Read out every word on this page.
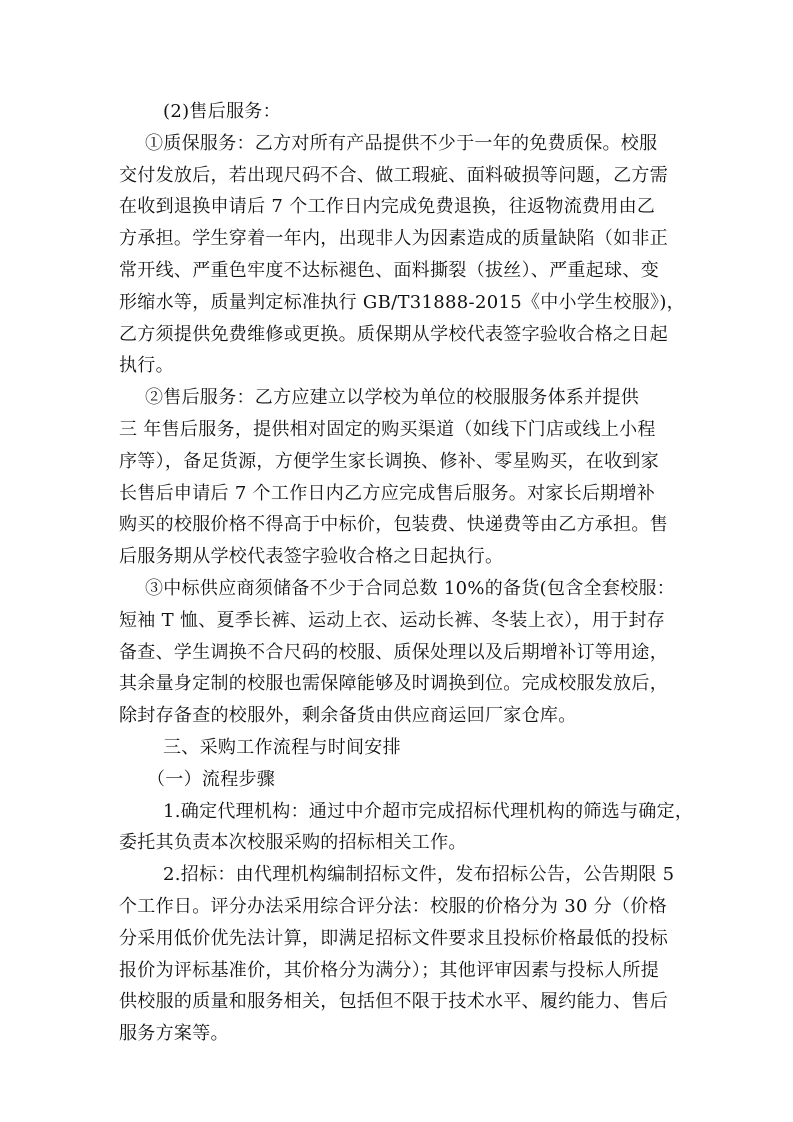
(2)售后服务：
①质保服务：乙方对所有产品提供不少于一年的免费质保。校服
交付发放后，若出现尺码不合、做工瑕疵、面料破损等问题，乙方需
在收到退换申请后 7 个工作日内完成免费退换，往返物流费用由乙
方承担。学生穿着一年内，出现非人为因素造成的质量缺陷（如非正
常开线、严重色牢度不达标褪色、面料撕裂（拔丝）、严重起球、变
形缩水等，质量判定标准执行 GB/T31888-2015《中小学生校服》)，
乙方须提供免费维修或更换。质保期从学校代表签字验收合格之日起
执行。
②售后服务：乙方应建立以学校为单位的校服服务体系并提供
三 年售后服务，提供相对固定的购买渠道（如线下门店或线上小程
序等），备足货源，方便学生家长调换、修补、零星购买，在收到家
长售后申请后 7 个工作日内乙方应完成售后服务。对家长后期增补
购买的校服价格不得高于中标价，包装费、快递费等由乙方承担。售
后服务期从学校代表签字验收合格之日起执行。
③中标供应商须储备不少于合同总数 10%的备货(包含全套校服：
短袖 T 恤、夏季长裤、运动上衣、运动长裤、冬装上衣），用于封存
备查、学生调换不合尺码的校服、质保处理以及后期增补订等用途，
其余量身定制的校服也需保障能够及时调换到位。完成校服发放后，
除封存备查的校服外，剩余备货由供应商运回厂家仓库。
三、采购工作流程与时间安排
（一）流程步骤
1.确定代理机构：通过中介超市完成招标代理机构的筛选与确定，
委托其负责本次校服采购的招标相关工作。
2.招标：由代理机构编制招标文件，发布招标公告，公告期限 5
个工作日。评分办法采用综合评分法：校服的价格分为 30 分（价格
分采用低价优先法计算，即满足招标文件要求且投标价格最低的投标
报价为评标基准价，其价格分为满分）；其他评审因素与投标人所提
供校服的质量和服务相关，包括但不限于技术水平、履约能力、售后
服务方案等。
